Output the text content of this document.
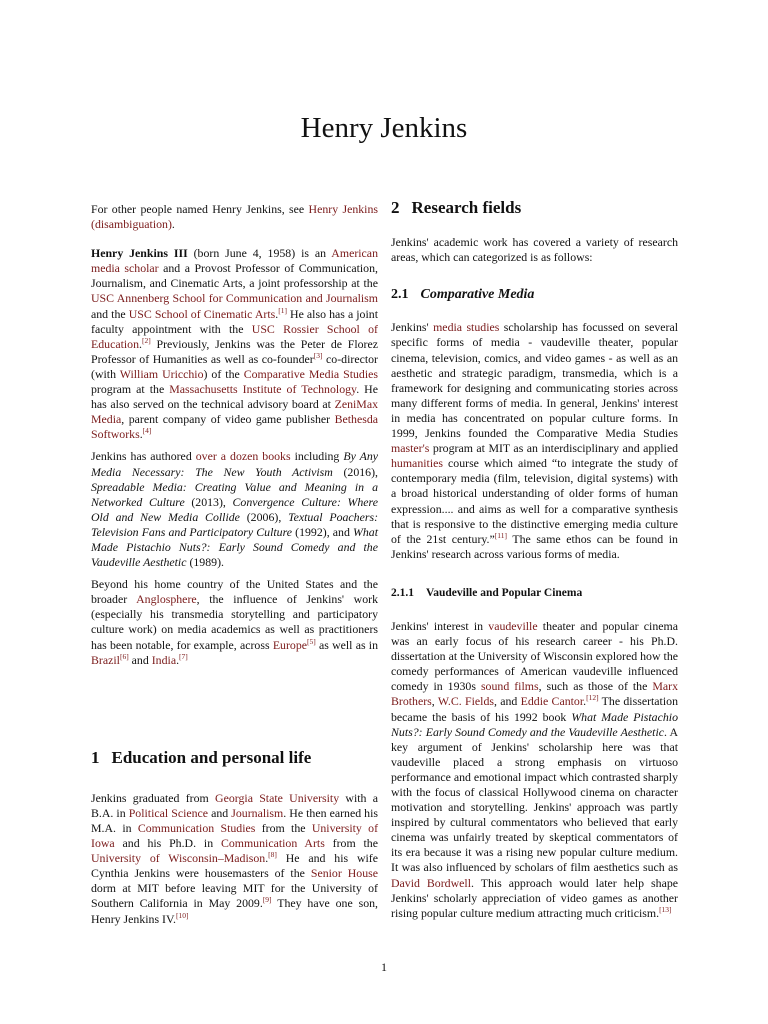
Henry Jenkins

For other people named Henry Jenkins, see Henry Jenkins (disambiguation).

Henry Jenkins III (born June 4, 1958) is an American media scholar and a Provost Professor of Communication, Journalism, and Cinematic Arts, a joint professorship at the USC Annenberg School for Communication and Journalism and the USC School of Cinematic Arts.[1] He also has a joint faculty appointment with the USC Rossier School of Education.[2] Previously, Jenkins was the Peter de Florez Professor of Humanities as well as co-founder[3] co-director (with William Uricchio) of the Comparative Media Studies program at the Massachusetts Institute of Technology. He has also served on the technical advisory board at ZeniMax Media, parent company of video game publisher Bethesda Softworks.[4]

Jenkins has authored over a dozen books including By Any Media Necessary: The New Youth Activism (2016), Spreadable Media: Creating Value and Meaning in a Networked Culture (2013), Convergence Culture: Where Old and New Media Collide (2006), Textual Poachers: Television Fans and Participatory Culture (1992), and What Made Pistachio Nuts?: Early Sound Comedy and the Vaudeville Aesthetic (1989).

Beyond his home country of the United States and the broader Anglosphere, the influence of Jenkins' work (especially his transmedia storytelling and participatory culture work) on media academics as well as practitioners has been notable, for example, across Europe[5] as well as in Brazil[6] and India.[7]

1 Education and personal life

Jenkins graduated from Georgia State University with a B.A. in Political Science and Journalism. He then earned his M.A. in Communication Studies from the University of Iowa and his Ph.D. in Communication Arts from the University of Wisconsin–Madison.[8] He and his wife Cynthia Jenkins were housemasters of the Senior House dorm at MIT before leaving MIT for the University of Southern California in May 2009.[9] They have one son, Henry Jenkins IV.[10]

2 Research fields

Jenkins' academic work has covered a variety of research areas, which can categorized is as follows:

2.1 Comparative Media

Jenkins' media studies scholarship has focussed on several specific forms of media - vaudeville theater, popular cinema, television, comics, and video games - as well as an aesthetic and strategic paradigm, transmedia, which is a framework for designing and communicating stories across many different forms of media. In general, Jenkins' interest in media has concentrated on popular culture forms. In 1999, Jenkins founded the Comparative Media Studies master's program at MIT as an interdisciplinary and applied humanities course which aimed “to integrate the study of contemporary media (film, television, digital systems) with a broad historical understanding of older forms of human expression.... and aims as well for a comparative synthesis that is responsive to the distinctive emerging media culture of the 21st century.”[11] The same ethos can be found in Jenkins' research across various forms of media.

2.1.1 Vaudeville and Popular Cinema

Jenkins' interest in vaudeville theater and popular cinema was an early focus of his research career - his Ph.D. dissertation at the University of Wisconsin explored how the comedy performances of American vaudeville influenced comedy in 1930s sound films, such as those of the Marx Brothers, W.C. Fields, and Eddie Cantor.[12] The dissertation became the basis of his 1992 book What Made Pistachio Nuts?: Early Sound Comedy and the Vaudeville Aesthetic. A key argument of Jenkins' scholarship here was that vaudeville placed a strong emphasis on virtuoso performance and emotional impact which contrasted sharply with the focus of classical Hollywood cinema on character motivation and storytelling. Jenkins' approach was partly inspired by cultural commentators who believed that early cinema was unfairly treated by skeptical commentators of its era because it was a rising new popular culture medium. It was also influenced by scholars of film aesthetics such as David Bordwell. This approach would later help shape Jenkins' scholarly appreciation of video games as another rising popular culture medium attracting much criticism.[13]

1
